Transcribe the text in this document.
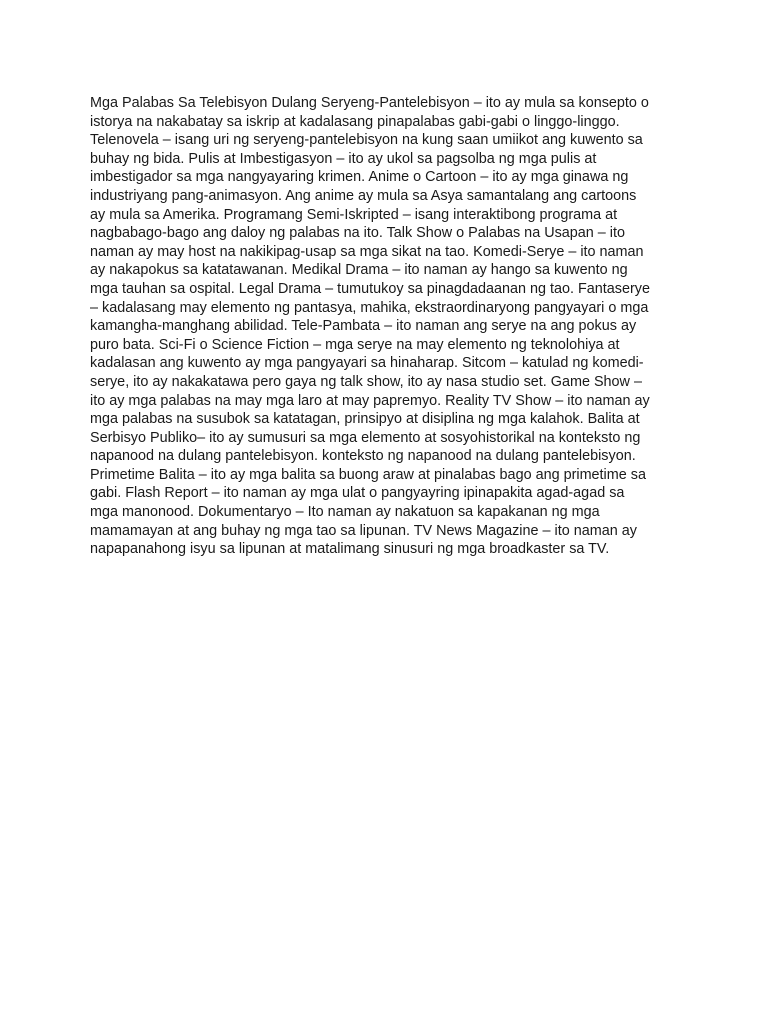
Mga Palabas Sa Telebisyon Dulang Seryeng-Pantelebisyon – ito ay mula sa konsepto o
istorya na nakabatay sa iskrip at kadalasang pinapalabas gabi-gabi o linggo-linggo.
Telenovela – isang uri ng seryeng-pantelebisyon na kung saan umiikot ang kuwento sa
buhay ng bida. Pulis at Imbestigasyon – ito ay ukol sa pagsolba ng mga pulis at
imbestigador sa mga nangyayaring krimen. Anime o Cartoon – ito ay mga ginawa ng
industriyang pang-animasyon. Ang anime ay mula sa Asya samantalang ang cartoons
ay mula sa Amerika. Programang Semi-Iskripted – isang interaktibong programa at
nagbabago-bago ang daloy ng palabas na ito. Talk Show o Palabas na Usapan – ito
naman ay may host na nakikipag-usap sa mga sikat na tao. Komedi-Serye – ito naman
ay nakapokus sa katatawanan. Medikal Drama – ito naman ay hango sa kuwento ng
mga tauhan sa ospital. Legal Drama – tumutukoy sa pinagdadaanan ng tao. Fantaserye
– kadalasang may elemento ng pantasya, mahika, ekstraordinaryong pangyayari o mga
kamangha-manghang abilidad. Tele-Pambata – ito naman ang serye na ang pokus ay
puro bata. Sci-Fi o Science Fiction – mga serye na may elemento ng teknolohiya at
kadalasan ang kuwento ay mga pangyayari sa hinaharap. Sitcom – katulad ng komedi-
serye, ito ay nakakatawa pero gaya ng talk show, ito ay nasa studio set. Game Show –
ito ay mga palabas na may mga laro at may papremyo. Reality TV Show – ito naman ay
mga palabas na susubok sa katatagan, prinsipyo at disiplina ng mga kalahok. Balita at
Serbisyo Publiko– ito ay sumusuri sa mga elemento at sosyohistorikal na konteksto ng
napanood na dulang pantelebisyon. konteksto ng napanood na dulang pantelebisyon.
Primetime Balita – ito ay mga balita sa buong araw at pinalabas bago ang primetime sa
gabi. Flash Report – ito naman ay mga ulat o pangyayring ipinapakita agad-agad sa
mga manonood. Dokumentaryo – Ito naman ay nakatuon sa kapakanan ng mga
mamamayan at ang buhay ng mga tao sa lipunan. TV News Magazine – ito naman ay
napapanahong isyu sa lipunan at matalimang sinusuri ng mga broadkaster sa TV.
